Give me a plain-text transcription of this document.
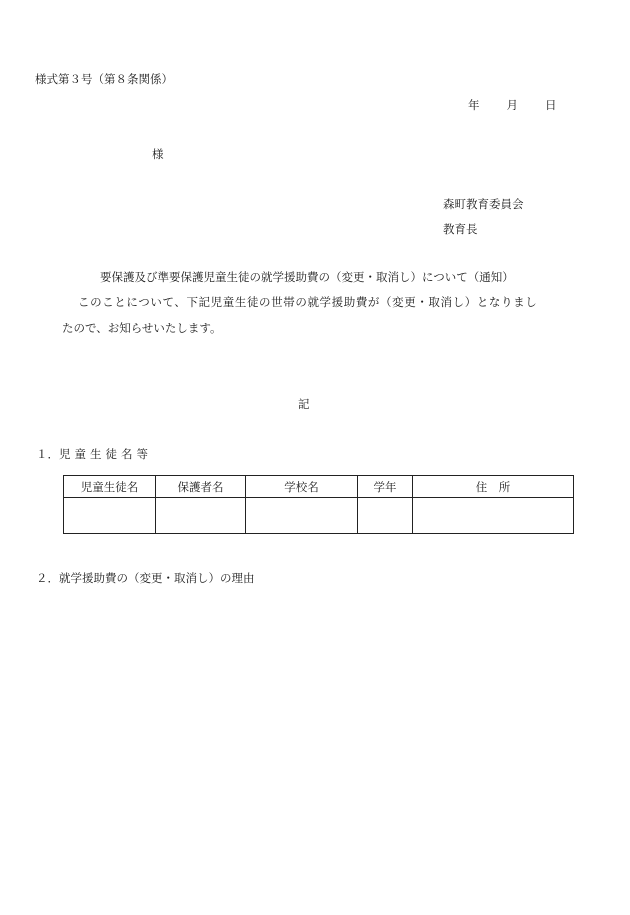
様式第３号（第８条関係）
年 月 日
様
森町教育委員会
教育長
要保護及び準要保護児童生徒の就学援助費の（変更・取消し）について（通知）
このことについて、下記児童生徒の世帯の就学援助費が（変更・取消し）となりまし
たので、お知らせいたします。
記
１．児童生徒名等
児童生徒名	保護者名	学校名	学年	住　所

２．就学援助費の（変更・取消し）の理由
